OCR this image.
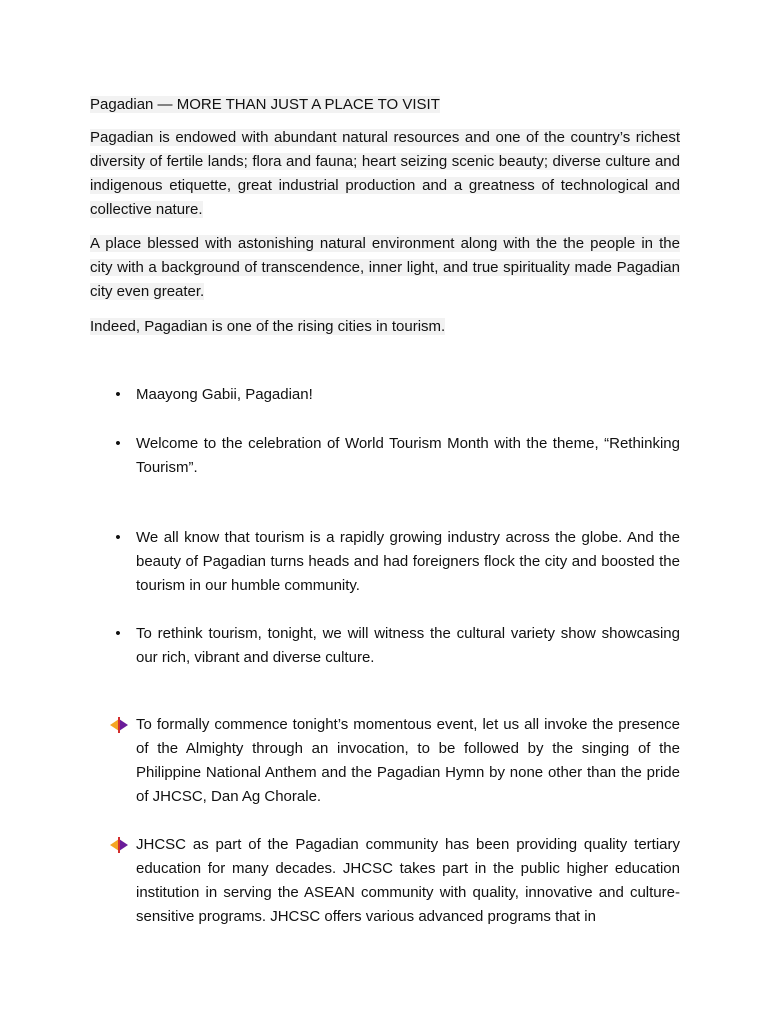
Pagadian — MORE THAN JUST A PLACE TO VISIT

Pagadian is endowed with abundant natural resources and one of the country’s richest diversity of fertile lands; flora and fauna; heart seizing scenic beauty; diverse culture and indigenous etiquette, great industrial production and a greatness of technological and collective nature.

A place blessed with astonishing natural environment along with the the people in the city with a background of transcendence, inner light, and true spirituality made Pagadian city even greater.

Indeed, Pagadian is one of the rising cities in tourism.

•	Maayong Gabii, Pagadian!
•	Welcome to the celebration of World Tourism Month with the theme, “Rethinking Tourism”.
•	We all know that tourism is a rapidly growing industry across the globe. And the beauty of Pagadian turns heads and had foreigners flock the city and boosted the tourism in our humble community.
•	To rethink tourism, tonight, we will witness the cultural variety show showcasing our rich, vibrant and diverse culture.
To formally commence tonight’s momentous event, let us all invoke the presence of the Almighty through an invocation, to be followed by the singing of the Philippine National Anthem and the Pagadian Hymn by none other than the pride of JHCSC, Dan Ag Chorale.
JHCSC as part of the Pagadian community has been providing quality tertiary education for many decades. JHCSC takes part in the public higher education institution in serving the ASEAN community with quality, innovative and culture-sensitive programs. JHCSC offers various advanced programs that in
